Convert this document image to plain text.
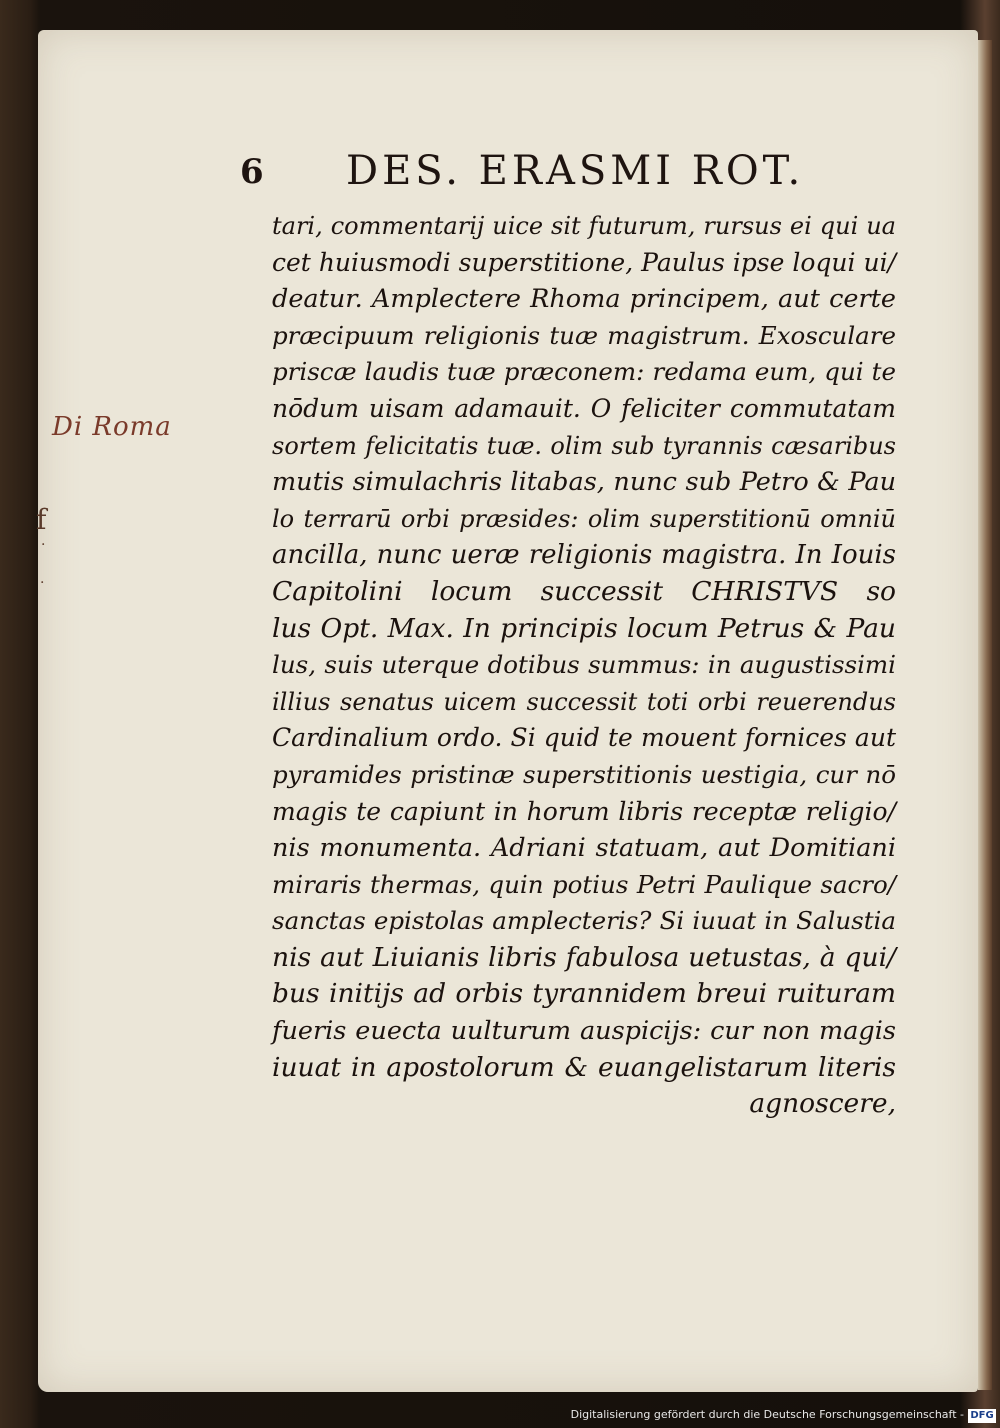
6 DES. ERASMI ROT.
Di Roma
f
·
·
tari, commentarij uice sit futurum, rursus ei qui ua
cet huiusmodi superstitione, Paulus ipse loqui ui/
deatur. Amplectere Rhoma principem, aut certe
præcipuum religionis tuæ magistrum. Exosculare
priscæ laudis tuæ præconem: redama eum, qui te
nōdum uisam adamauit. O feliciter commutatam
sortem felicitatis tuæ. olim sub tyrannis cæsaribus
mutis simulachris litabas, nunc sub Petro & Pau
lo terrarū orbi præsides: olim superstitionū omniū
ancilla, nunc ueræ religionis magistra. In Iouis
Capitolini locum successit CHRISTVS so
lus Opt. Max. In principis locum Petrus & Pau
lus, suis uterque dotibus summus: in augustissimi
illius senatus uicem successit toti orbi reuerendus
Cardinalium ordo. Si quid te mouent fornices aut
pyramides pristinæ superstitionis uestigia, cur nō
magis te capiunt in horum libris receptæ religio/
nis monumenta. Adriani statuam, aut Domitiani
miraris thermas, quin potius Petri Paulique sacro/
sanctas epistolas amplecteris? Si iuuat in Salustia
nis aut Liuianis libris fabulosa uetustas, à qui/
bus initijs ad orbis tyrannidem breui ruituram
fueris euecta uulturum auspicijs: cur non magis
iuuat in apostolorum & euangelistarum literis
agnoscere,
Digitalisierung gefördert durch die Deutsche Forschungsgemeinschaft - DFG
